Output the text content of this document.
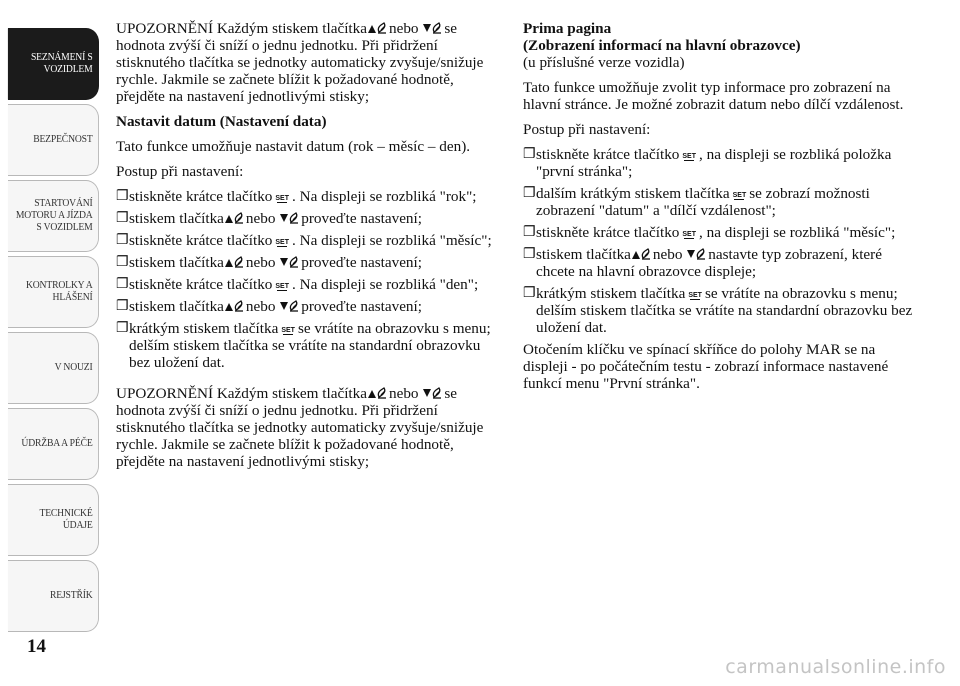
SEZNÁMENÍ S
VOZIDLEM
BEZPEČNOST
STARTOVÁNÍ
MOTORU A JÍZDA
S VOZIDLEM
KONTROLKY A
HLÁŠENÍ
V NOUZI
ÚDRŽBA A PÉČE
TECHNICKÉ
ÚDAJE
REJSTŘÍK
14

UPOZORNĚNÍ Každým stiskem tlačítka nebo se hodnota zvýší či sníží o jednu jednotku. Při přidržení stisknutého tlačítka se jednotky automaticky zvyšuje/snižuje rychle. Jakmile se začnete blížit k požadované hodnotě, přejděte na nastavení jednotlivými stisky;

Nastavit datum (Nastavení data)

Tato funkce umožňuje nastavit datum (rok – měsíc – den).

Postup při nastavení:

❐ stiskněte krátce tlačítko SET . Na displeji se rozbliká "rok";
❐ stiskem tlačítka nebo proveďte nastavení;
❐ stiskněte krátce tlačítko SET . Na displeji se rozbliká "měsíc";
❐ stiskem tlačítka nebo proveďte nastavení;
❐ stiskněte krátce tlačítko SET . Na displeji se rozbliká "den";
❐ stiskem tlačítka nebo proveďte nastavení;
❐ krátkým stiskem tlačítka SET se vrátíte na obrazovku s menu; delším stiskem tlačítka se vrátíte na standardní obrazovku bez uložení dat.

UPOZORNĚNÍ Každým stiskem tlačítka nebo se hodnota zvýší či sníží o jednu jednotku. Při přidržení stisknutého tlačítka se jednotky automaticky zvyšuje/snižuje rychle. Jakmile se začnete blížit k požadované hodnotě, přejděte na nastavení jednotlivými stisky;

Prima pagina
(Zobrazení informací na hlavní obrazovce)
(u příslušné verze vozidla)

Tato funkce umožňuje zvolit typ informace pro zobrazení na hlavní stránce. Je možné zobrazit datum nebo dílčí vzdálenost.

Postup při nastavení:

❐ stiskněte krátce tlačítko SET , na displeji se rozbliká položka "první stránka";
❐ dalším krátkým stiskem tlačítka SET se zobrazí možnosti zobrazení "datum" a "dílčí vzdálenost";
❐ stiskněte krátce tlačítko SET , na displeji se rozbliká "měsíc";
❐ stiskem tlačítka nebo nastavte typ zobrazení, které chcete na hlavní obrazovce displeje;
❐ krátkým stiskem tlačítka SET se vrátíte na obrazovku s menu; delším stiskem tlačítka se vrátíte na standardní obrazovku bez uložení dat.

Otočením klíčku ve spínací skříňce do polohy MAR se na displeji - po počátečním testu - zobrazí informace nastavené funkcí menu "První stránka".

carmanualsonline.info
